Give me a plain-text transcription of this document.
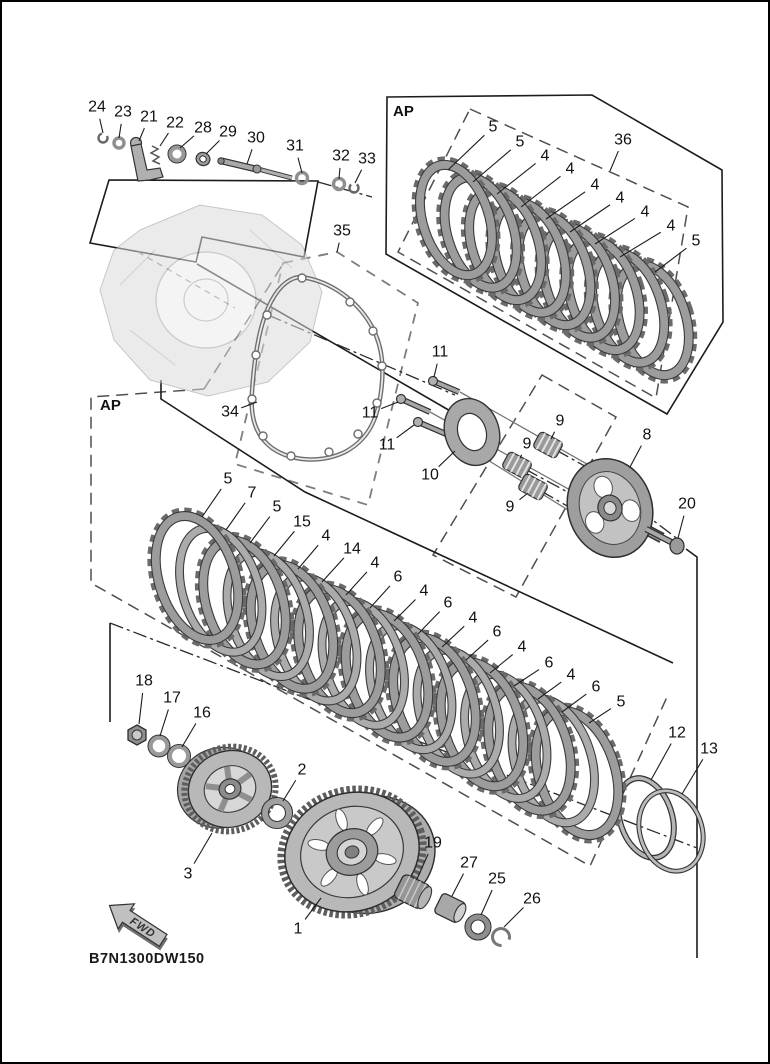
FWD
24 23 21 22 28 29 30 31
32 33
35
34
11
11
11
10
9
9
9
8
20
5
5
4
4
4
4
4
4
5
36
5
7
5
15
4
14
4
6
4
6
4
6
4
6
4
6
5
12
13
18
17
16
3
2
1
19
27
25
26
AP
AP
B7N1300DW150
